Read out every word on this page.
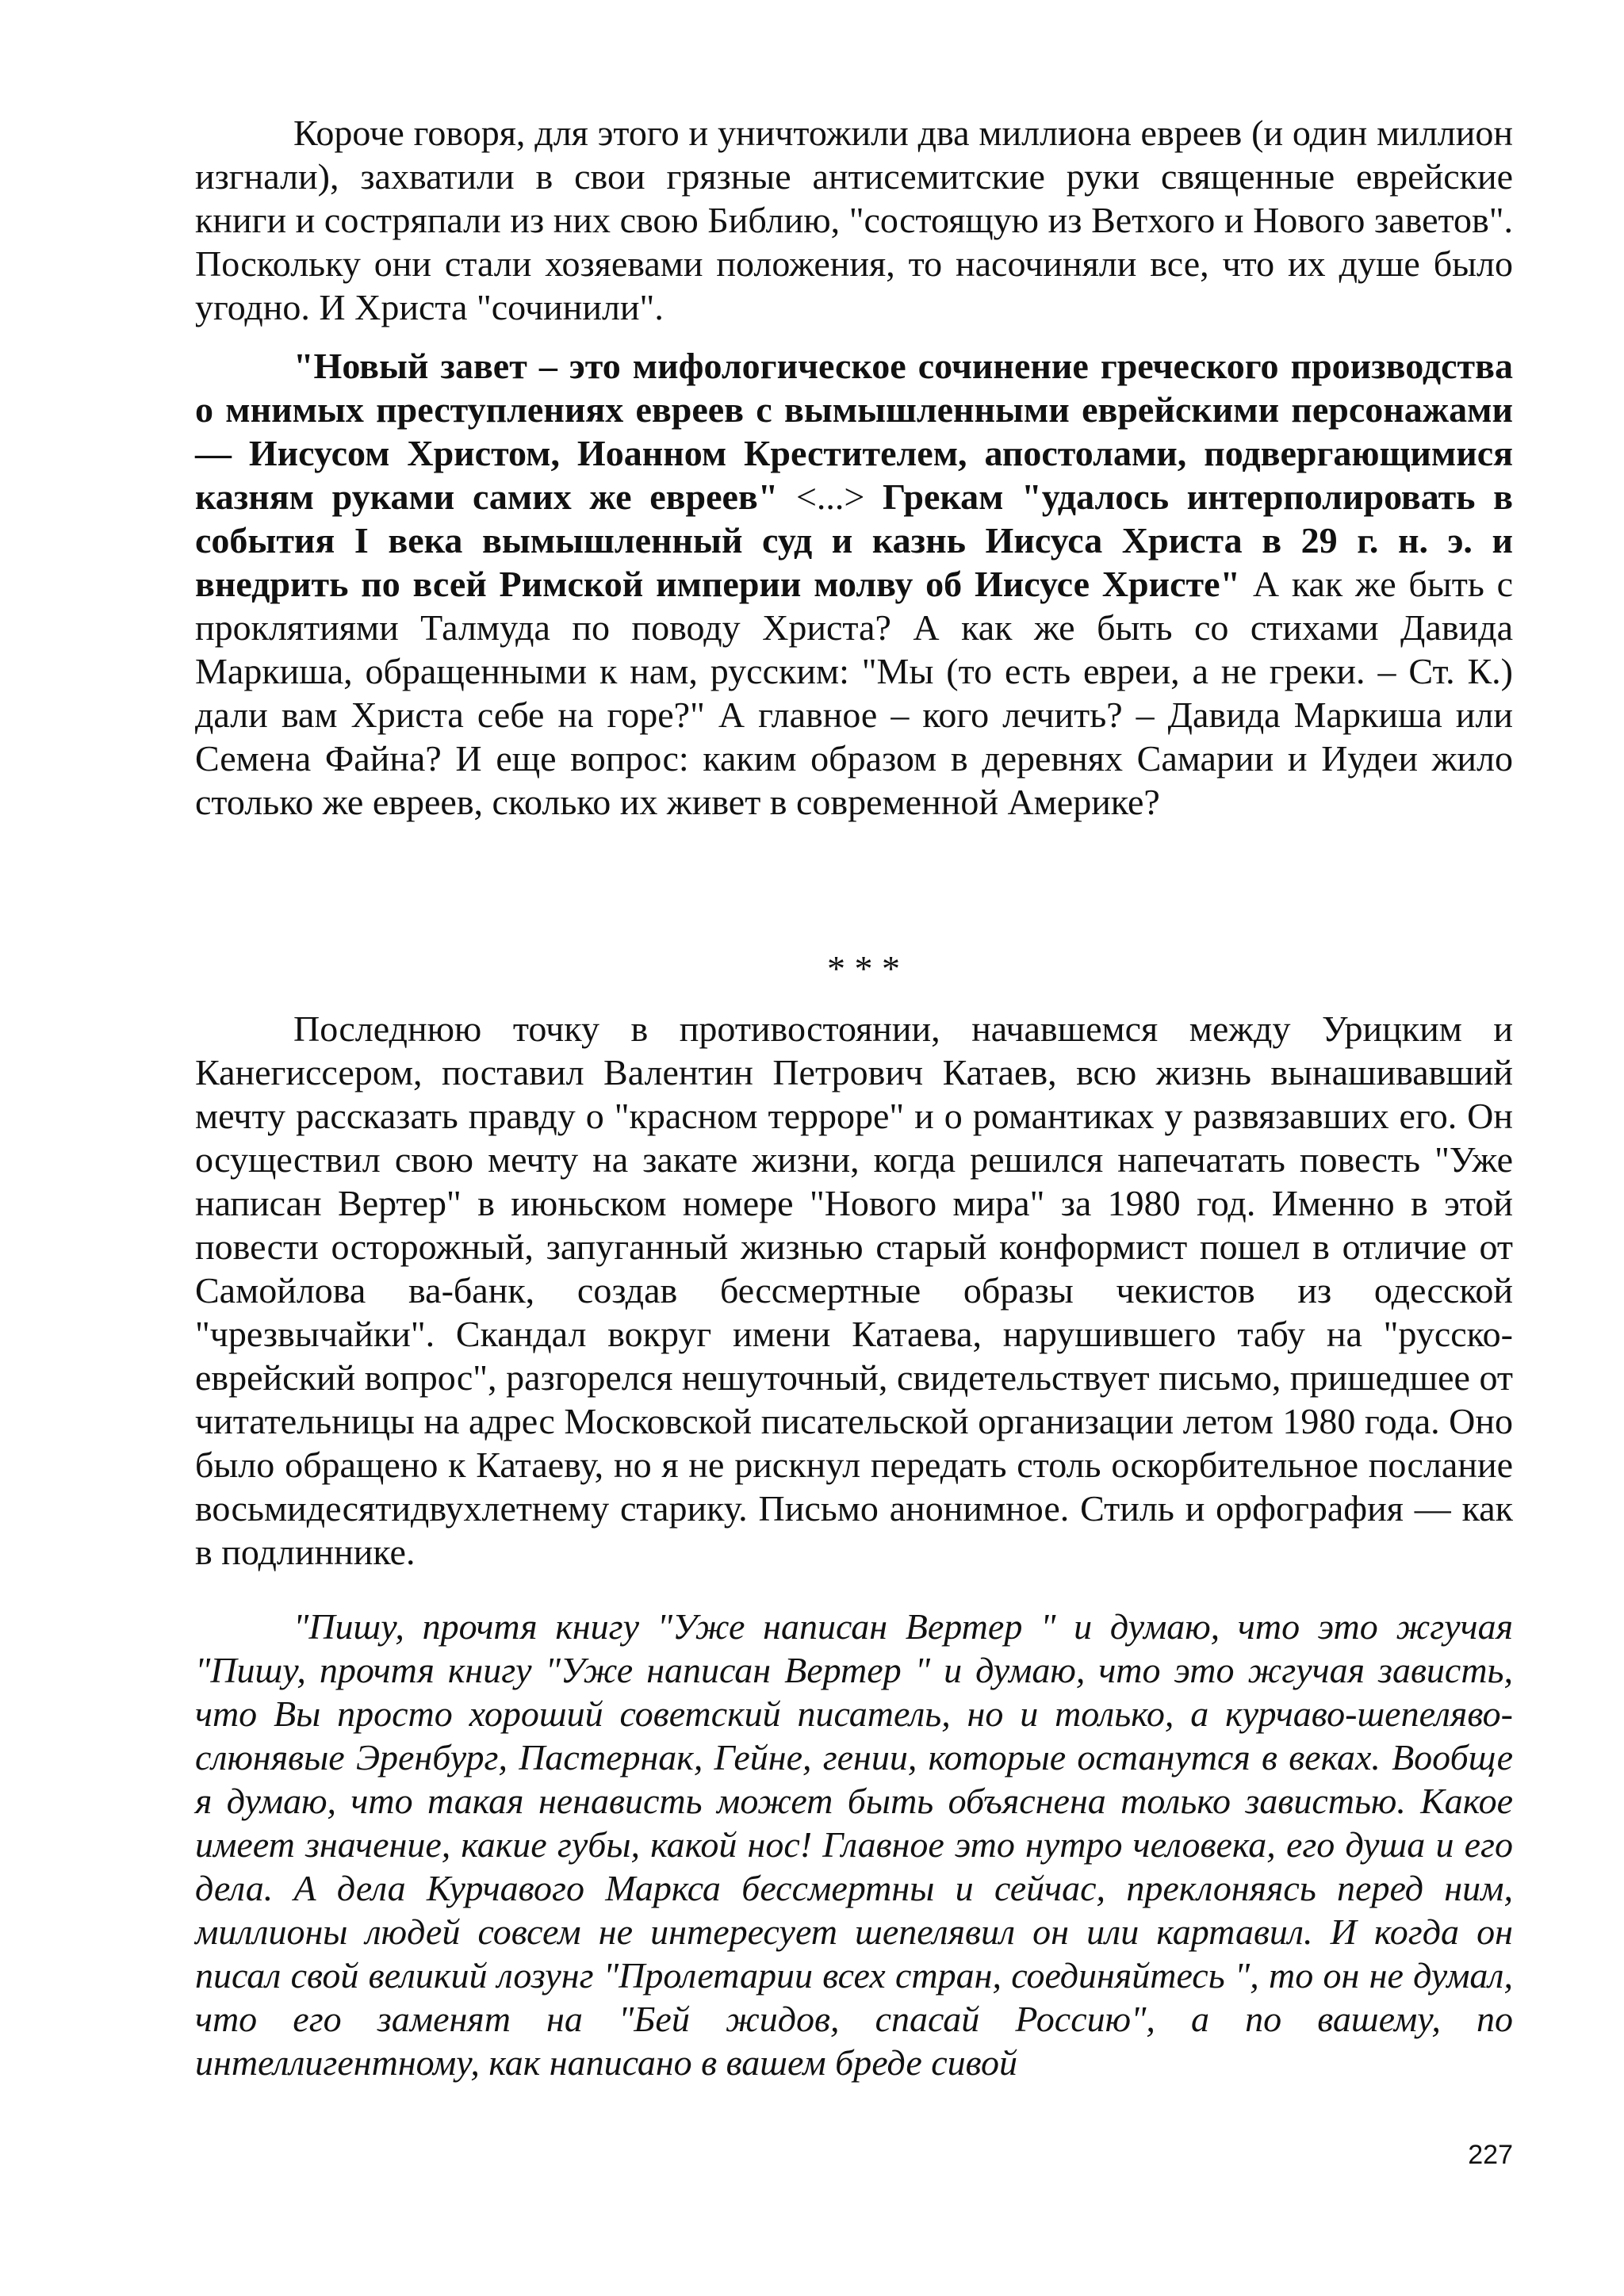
Короче говоря, для этого и уничтожили два миллиона евреев (и один миллион изгнали), захватили в свои грязные антисемитские руки священные еврейские книги и состряпали из них свою Библию, "состоящую из Ветхого и Нового заветов". Поскольку они стали хозяевами положения, то насочиняли все, что их душе было угодно. И Христа "сочинили".

"Новый завет – это мифологическое сочинение греческого производства о мнимых преступлениях евреев с вымышленными еврейскими персонажами — Иисусом Христом, Иоанном Крестителем, апостолами, подвергающимися казням руками самих же евреев" <...> Грекам "удалось интерполировать в события I века вымышленный суд и казнь Иисуса Христа в 29 г. н. э. и внедрить по всей Римской империи молву об Иисусе Христе" А как же быть с проклятиями Талмуда по поводу Христа? А как же быть со стихами Давида Маркиша, обращенными к нам, русским: "Мы (то есть евреи, а не греки. – Ст. К.) дали вам Христа себе на горе?" А главное – кого лечить? – Давида Маркиша или Семена Файна? И еще вопрос: каким образом в деревнях Самарии и Иудеи жило столько же евреев, сколько их живет в современной Америке?

* * *

Последнюю точку в противостоянии, начавшемся между Урицким и Канегиссером, поставил Валентин Петрович Катаев, всю жизнь вынашивавший мечту рассказать правду о "красном терроре" и о романтиках у развязавших его. Он осуществил свою мечту на закате жизни, когда решился напечатать повесть "Уже написан Вертер" в июньском номере "Нового мира" за 1980 год. Именно в этой повести осторожный, запуганный жизнью старый конформист пошел в отличие от Самойлова ва-банк, создав бессмертные образы чекистов из одесской "чрезвычайки". Скандал вокруг имени Катаева, нарушившего табу на "русско-еврейский вопрос", разгорелся нешуточный, свидетельствует письмо, пришедшее от читательницы на адрес Московской писательской организации летом 1980 года. Оно было обращено к Катаеву, но я не рискнул передать столь оскорбительное послание восьмидесятидвухлетнему старику. Письмо анонимное. Стиль и орфография — как в подлиннике.

"Пишу, прочтя книгу "Уже написан Вертер " и думаю, что это жгучая "Пишу, прочтя книгу "Уже написан Вертер " и думаю, что это жгучая зависть, что Вы просто хороший советский писатель, но и только, а курчаво-шепеляво-слюнявые Эренбург, Пастернак, Гейне, гении, которые останутся в веках. Вообще я думаю, что такая ненависть может быть объяснена только завистью. Какое имеет значение, какие губы, какой нос! Главное это нутро человека, его душа и его дела. А дела Курчавого Маркса бессмертны и сейчас, преклоняясь перед ним, миллионы людей совсем не интересует шепелявил он или картавил. И когда он писал свой великий лозунг "Пролетарии всех стран, соединяйтесь ", то он не думал, что его заменят на "Бей жидов, спасай Россию", а по вашему, по интеллигентному, как написано в вашем бреде сивой

227
